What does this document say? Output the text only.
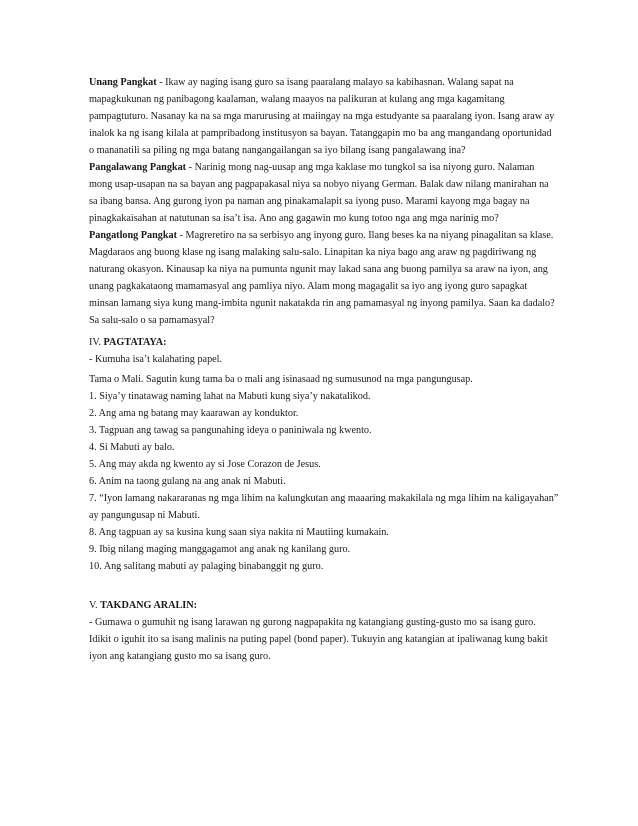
Unang Pangkat - Ikaw ay naging isang guro sa isang paaralang malayo sa kabihasnan. Walang sapat na mapagkukunan ng panibagong kaalaman, walang maayos na palikuran at kulang ang mga kagamitang pampagtuturo. Nasanay ka na sa mga marurusing at maiingay na mga estudyante sa paaralang iyon. Isang araw ay inalok ka ng isang kilala at pampribadong institusyon sa bayan. Tatanggapin mo ba ang mangandang oportunidad o mananatili sa piling ng mga batang nangangailangan sa iyo bilang isang pangalawang ina?

Pangalawang Pangkat - Narinig mong nag-uusap ang mga kaklase mo tungkol sa isa niyong guro. Nalaman mong usap-usapan na sa bayan ang pagpapakasal niya sa nobyo niyang German. Balak daw nilang manirahan na sa ibang bansa. Ang gurong iyon pa naman ang pinakamalapit sa iyong puso. Marami kayong mga bagay na pinagkakaisahan at natutunan sa isa’t isa. Ano ang gagawin mo kung totoo nga ang mga narinig mo?

Pangatlong Pangkat - Magreretiro na sa serbisyo ang inyong guro. Ilang beses ka na niyang pinagalitan sa klase. Magdaraos ang buong klase ng isang malaking salu-salo. Linapitan ka niya bago ang araw ng pagdiriwang ng naturang okasyon. Kinausap ka niya na pumunta ngunit may lakad sana ang buong pamilya sa araw na iyon, ang unang pagkakataong mamamasyal ang pamliya niyo. Alam mong magagalit sa iyo ang iyong guro sapagkat minsan lamang siya kung mang-imbita ngunit nakatakda rin ang pamamasyal ng inyong pamilya. Saan ka dadalo? Sa salu-salo o sa pamamasyal?

IV. PAGTATAYA:
- Kumuha isa’t kalahating papel.
Tama o Mali. Sagutin kung tama ba o mali ang isinasaad ng sumusunod na mga pangungusap.
1. Siya’y tinatawag naming lahat na Mabuti kung siya’y nakatalikod.
2. Ang ama ng batang may kaarawan ay konduktor.
3. Tagpuan ang tawag sa pangunahing ideya o paniniwala ng kwento.
4. Si Mabuti ay balo.
5. Ang may akda ng kwento ay si Jose Corazon de Jesus.
6. Anim na taong gulang na ang anak ni Mabuti.
7. “Iyon lamang nakararanas ng mga lihim na kalungkutan ang maaaring makakilala ng mga lihim na kaligayahan” ay pangungusap ni Mabuti.
8. Ang tagpuan ay sa kusina kung saan siya nakita ni Mautiing kumakain.
9. Ibig nilang maging manggagamot ang anak ng kanilang guro.
10. Ang salitang mabuti ay palaging binabanggit ng guro.
V. TAKDANG ARALIN:

- Gumawa o gumuhit ng isang larawan ng gurong nagpapakita ng katangiang gusting-gusto mo sa isang guro. Idikit o iguhit ito sa isang malinis na puting papel (bond paper). Tukuyin ang katangian at ipaliwanag kung bakit iyon ang katangiang gusto mo sa isang guro.
